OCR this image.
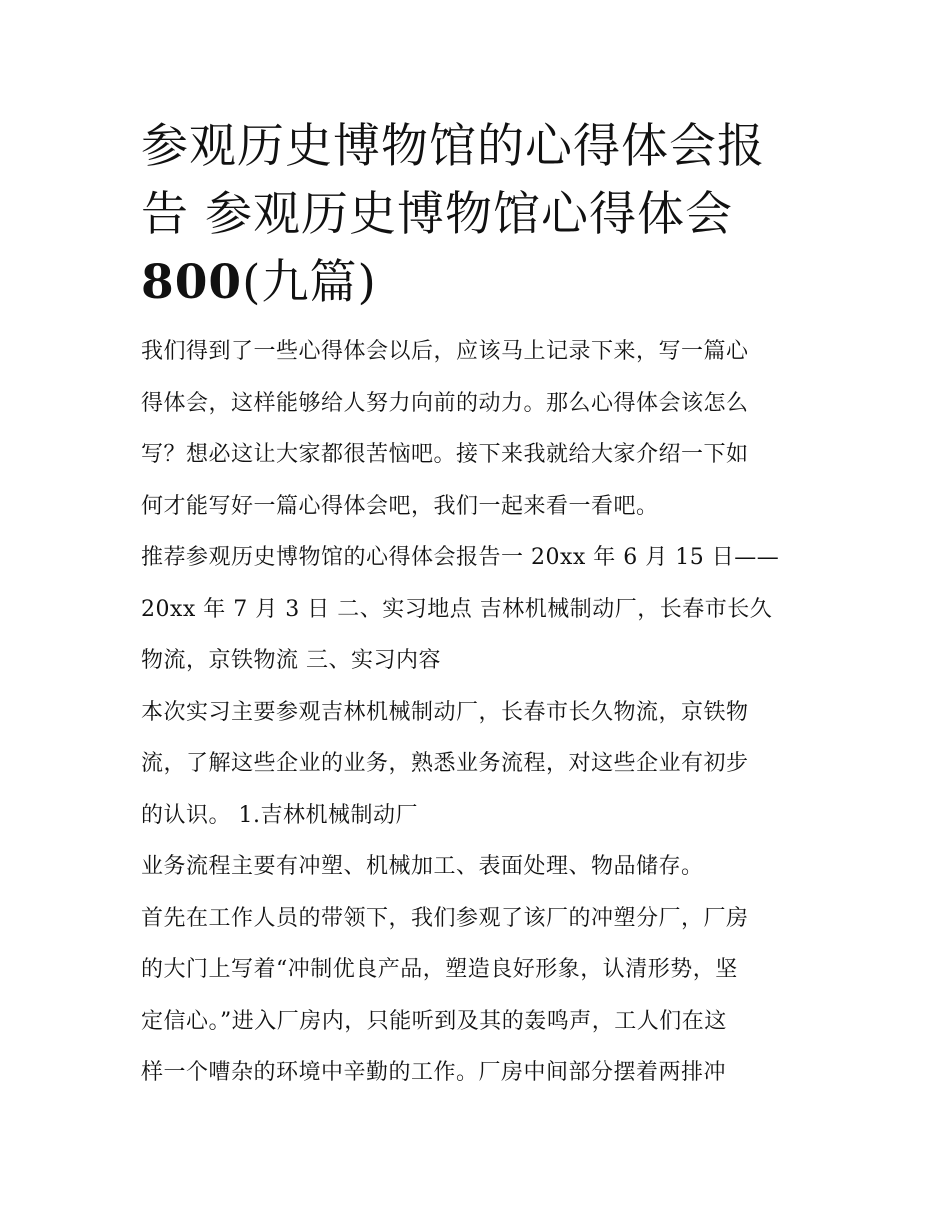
参观历史博物馆的心得体会报
告 参观历史博物馆心得体会
800(九篇)

我们得到了一些心得体会以后，应该马上记录下来，写一篇心
得体会，这样能够给人努力向前的动力。那么心得体会该怎么
写？想必这让大家都很苦恼吧。接下来我就给大家介绍一下如
何才能写好一篇心得体会吧，我们一起来看一看吧。

推荐参观历史博物馆的心得体会报告一 20xx 年 6 月 15 日——
20xx 年 7 月 3 日 二、实习地点 吉林机械制动厂，长春市长久
物流，京铁物流 三、实习内容

本次实习主要参观吉林机械制动厂，长春市长久物流，京铁物
流，了解这些企业的业务，熟悉业务流程，对这些企业有初步
的认识。 1.吉林机械制动厂

业务流程主要有冲塑、机械加工、表面处理、物品储存。

首先在工作人员的带领下，我们参观了该厂的冲塑分厂，厂房
的大门上写着“冲制优良产品，塑造良好形象，认清形势，坚
定信心。”进入厂房内，只能听到及其的轰鸣声，工人们在这
样一个嘈杂的环境中辛勤的工作。厂房中间部分摆着两排冲
